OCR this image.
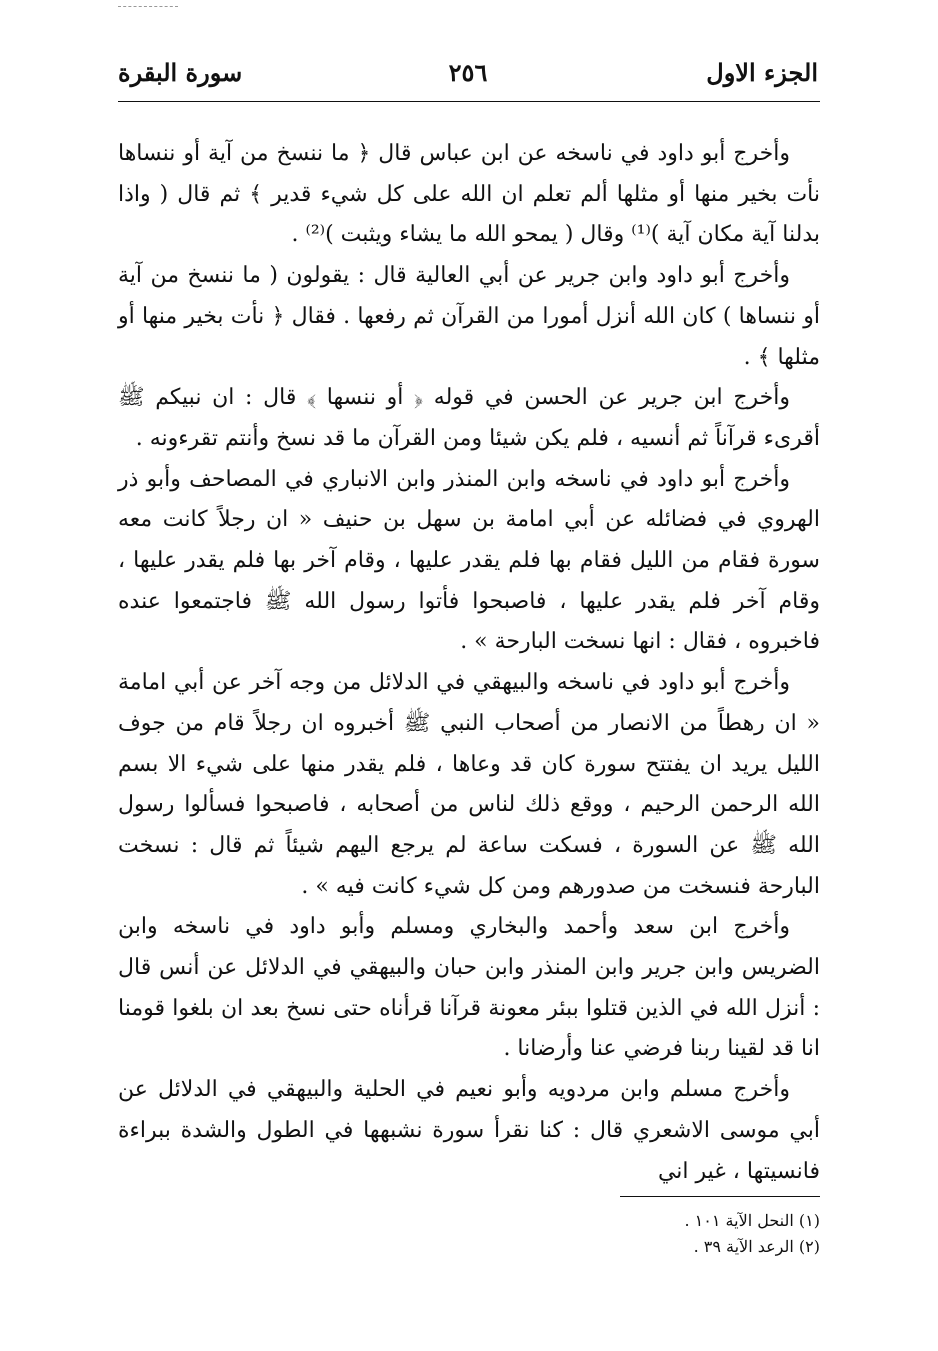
الجزء الاول
٢٥٦
سورة البقرة

وأخرج أبو داود في ناسخه عن ابن عباس قال ﴿ ما ننسخ من آية أو ننساها نأت بخير منها أو مثلها ألم تعلم ان الله على كل شيء قدير ﴾ ثم قال ( واذا بدلنا آية مكان آية )⁽¹⁾ وقال ( يمحو الله ما يشاء ويثبت )⁽²⁾ .

وأخرج أبو داود وابن جرير عن أبي العالية قال : يقولون ( ما ننسخ من آية أو ننساها ) كان الله أنزل أمورا من القرآن ثم رفعها . فقال ﴿ نأت بخير منها أو مثلها ﴾ .

وأخرج ابن جرير عن الحسن في قوله ﴿ أو ننسها ﴾ قال : ان نبيكم ﷺ أقرىء قرآناً ثم أنسيه ، فلم يكن شيئا ومن القرآن ما قد نسخ وأنتم تقرءونه .

وأخرج أبو داود في ناسخه وابن المنذر وابن الانباري في المصاحف وأبو ذر الهروي في فضائله عن أبي امامة بن سهل بن حنيف « ان رجلاً كانت معه سورة فقام من الليل فقام بها فلم يقدر عليها ، وقام آخر بها فلم يقدر عليها ، وقام آخر فلم يقدر عليها ، فاصبحوا فأتوا رسول الله ﷺ فاجتمعوا عنده فاخبروه ، فقال : انها نسخت البارحة » .

وأخرج أبو داود في ناسخه والبيهقي في الدلائل من وجه آخر عن أبي امامة « ان رهطاً من الانصار من أصحاب النبي ﷺ أخبروه ان رجلاً قام من جوف الليل يريد ان يفتتح سورة كان قد وعاها ، فلم يقدر منها على شيء الا بسم الله الرحمن الرحيم ، ووقع ذلك لناس من أصحابه ، فاصبحوا فسألوا رسول الله ﷺ عن السورة ، فسكت ساعة لم يرجع اليهم شيئاً ثم قال : نسخت البارحة فنسخت من صدورهم ومن كل شيء كانت فيه » .

وأخرج ابن سعد وأحمد والبخاري ومسلم وأبو داود في ناسخه وابن الضريس وابن جرير وابن المنذر وابن حبان والبيهقي في الدلائل عن أنس قال : أنزل الله في الذين قتلوا ببئر معونة قرآنا قرأناه حتى نسخ بعد ان بلغوا قومنا انا قد لقينا ربنا فرضي عنا وأرضانا .

وأخرج مسلم وابن مردويه وأبو نعيم في الحلية والبيهقي في الدلائل عن أبي موسى الاشعري قال : كنا نقرأ سورة نشبهها في الطول والشدة ببراءة فانسيتها ، غير اني

(١) النحل الآية ١٠١ .

(٢) الرعد الآية ٣٩ .
